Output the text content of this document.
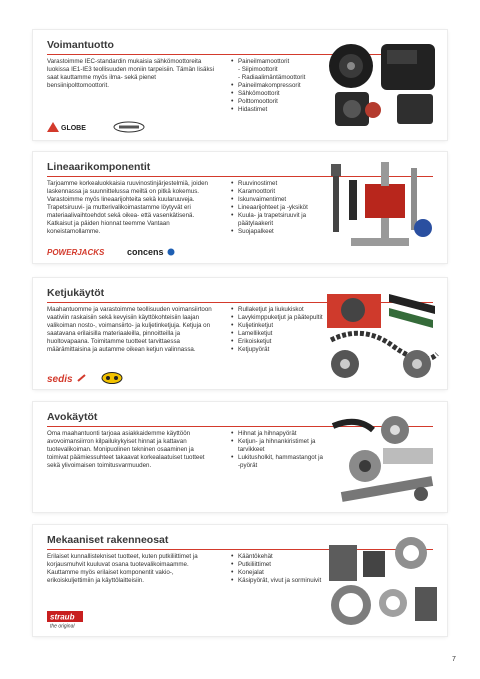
Voimantuotto

Varastoimme IEC-standardin mukaisia sähkömoottoreita luokissa IE1-IE3 teollisuuden moniin tarpeisiin. Tämän lisäksi saat kauttamme myös ilma- sekä pienet bensiinipolttomoottorit.

• Paineilmamoottorit
- Siipimoottorit
- Radiaalimäntämoottorit
• Paineilmakompressorit
• Sähkömoottorit
• Polttomoottorit
• Hidastimet
GLOBE
Lineaarikomponentit

Tarjoamme korkealuokkaisia ruuvinostinjärjestelmiä, joiden laskennassa ja suunnittelussa meiltä on pitkä kokemus. Varastoimme myös lineaarijohteita sekä kuularuuveja. Trapetsiruuvi- ja mutterivalikoimastamme löytyvät eri materiaalivaihtoehdot sekä oikea- että vasenkätisenä. Katkaisut ja päiden hionnat teemme Vantaan koneistamollamme.

• Ruuvinostimet
• Karamoottorit
• Iskunvaimentimet
• Lineaarijohteet ja -yksiköt
• Kuula- ja trapetsiruuvit ja päätylaakerit
• Suojapalkeet
POWERJACKS	concens
Ketjukäytöt

Maahantuomme ja varastoimme teollisuuden voimansiirtoon vaativiin raskaisiin sekä kevyisiin käyttökohteisiin laajan valikoiman nosto-, voimansiirto- ja kuljetinketjuja. Ketjuja on saatavana erilaisilla materiaaleilla, pinnoitteilla ja huoltovapaana. Toimitamme tuotteet tarvittaessa määrämittaisina ja autamme oikean ketjun valinnassa.

• Rullaketjut ja liukukiskot
• Lavykimppuketjut ja päätepultit
• Kuljetinketjut
• Lamelliketjut
• Erikoisketjut
• Ketjupyörät
sedis
Avokäytöt

Oma maahantuonti tarjoaa asiakkaidemme käyttöön avovoimansiirron kilpailukykyiset hinnat ja kattavan tuotevalikoiman. Monipuolinen tekninen osaaminen ja toimivat päämiessuhteet takaavat korkealaatuiset tuotteet sekä ylivoimaisen toimitusvarmuuden.

• Hihnat ja hihnapyörät
• Ketjun- ja hihnankiristimet ja tarvikkeet
• Lukitusholkit, hammastangot ja -pyörät
Mekaaniset rakenneosat

Erilaiset kunnallistekniset tuotteet, kuten putkiliittimet ja korjausmuhvit kuuluvat osana tuotevalikoimaamme. Kauttamme myös erilaiset komponentit vakio-, erikoiskuljettimiin ja käyttölaitteisiin.

• Kääntökehät
• Putkiliittimet
• Konejalat
• Käsipyörät, vivut ja sorminuivit
straub
the original
7
